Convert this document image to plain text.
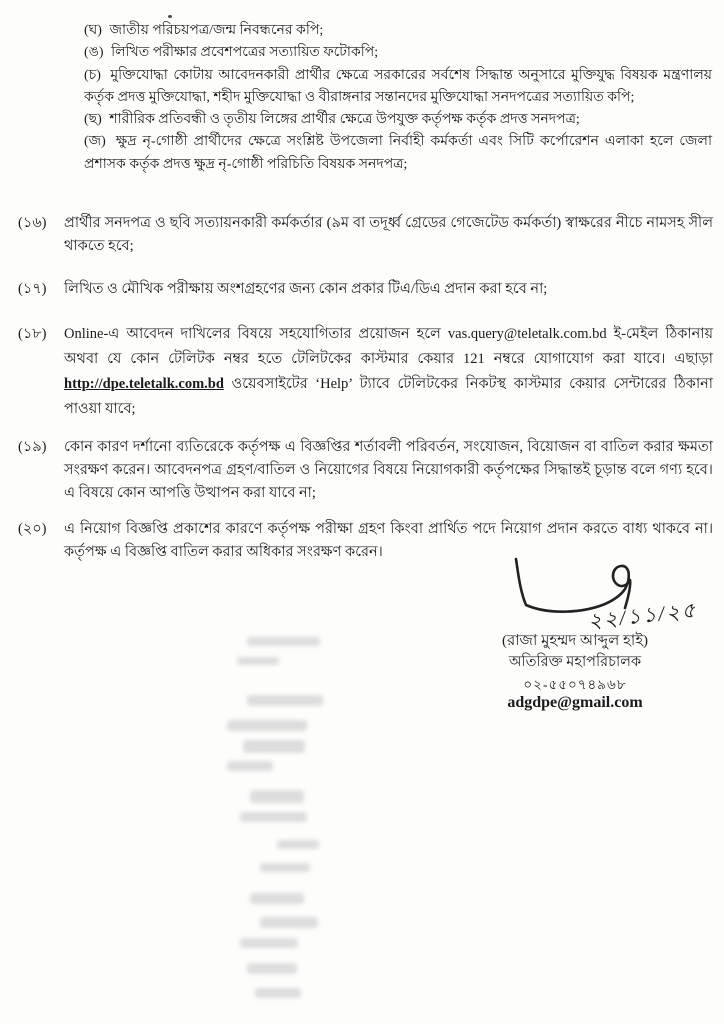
(ঘ) জাতীয় পরিচয়পত্র/জন্ম নিবন্ধনের কপি;
(ঙ) লিখিত পরীক্ষার প্রবেশপত্রের সত্যায়িত ফটোকপি;
(চ) মুক্তিযোদ্ধা কোটায় আবেদনকারী প্রার্থীর ক্ষেত্রে সরকারের সর্বশেষ সিদ্ধান্ত অনুসারে মুক্তিযুদ্ধ বিষয়ক মন্ত্রণালয় কর্তৃক প্রদত্ত মুক্তিযোদ্ধা, শহীদ মুক্তিযোদ্ধা ও বীরাঙ্গনার সন্তানদের মুক্তিযোদ্ধা সনদপত্রের সত্যায়িত কপি;
(ছ) শারীরিক প্রতিবন্ধী ও তৃতীয় লিঙ্গের প্রার্থীর ক্ষেত্রে উপযুক্ত কর্তৃপক্ষ কর্তৃক প্রদত্ত সনদপত্র;
(জ) ক্ষুদ্র নৃ-গোষ্ঠী প্রার্থীদের ক্ষেত্রে সংশ্লিষ্ট উপজেলা নির্বাহী কর্মকর্তা এবং সিটি কর্পোরেশন এলাকা হলে জেলা প্রশাসক কর্তৃক প্রদত্ত ক্ষুদ্র নৃ-গোষ্ঠী পরিচিতি বিষয়ক সনদপত্র;
(১৬)	প্রার্থীর সনদপত্র ও ছবি সত্যায়নকারী কর্মকর্তার (৯ম বা তদূর্ধ্ব গ্রেডের গেজেটেড কর্মকর্তা) স্বাক্ষরের নীচে নামসহ সীল থাকতে হবে;
(১৭)	লিখিত ও মৌখিক পরীক্ষায় অংশগ্রহণের জন্য কোন প্রকার টিএ/ডিএ প্রদান করা হবে না;
(১৮)	Online-এ আবেদন দাখিলের বিষয়ে সহযোগিতার প্রয়োজন হলে vas.query@teletalk.com.bd ই-মেইল ঠিকানায় অথবা যে কোন টেলিটক নম্বর হতে টেলিটকের কাস্টমার কেয়ার 121 নম্বরে যোগাযোগ করা যাবে। এছাড়া http://dpe.teletalk.com.bd ওয়েবসাইটের ‘Help’ ট্যাবে টেলিটকের নিকটস্থ কাস্টমার কেয়ার সেন্টারের ঠিকানা পাওয়া যাবে;
(১৯)	কোন কারণ দর্শানো ব্যতিরেকে কর্তৃপক্ষ এ বিজ্ঞপ্তির শর্তাবলী পরিবর্তন, সংযোজন, বিয়োজন বা বাতিল করার ক্ষমতা সংরক্ষণ করেন। আবেদনপত্র গ্রহণ/বাতিল ও নিয়োগের বিষয়ে নিয়োগকারী কর্তৃপক্ষের সিদ্ধান্তই চূড়ান্ত বলে গণ্য হবে। এ বিষয়ে কোন আপত্তি উত্থাপন করা যাবে না;
(২০)	এ নিয়োগ বিজ্ঞপ্তি প্রকাশের কারণে কর্তৃপক্ষ পরীক্ষা গ্রহণ কিংবা প্রার্থিত পদে নিয়োগ প্রদান করতে বাধ্য থাকবে না। কর্তৃপক্ষ এ বিজ্ঞপ্তি বাতিল করার অধিকার সংরক্ষণ করেন।
২২/১১/২৫
(রাজা মুহম্মদ আব্দুল হাই)
অতিরিক্ত মহাপরিচালক
০২-৫৫০৭৪৯৬৮
adgdpe@gmail.com
